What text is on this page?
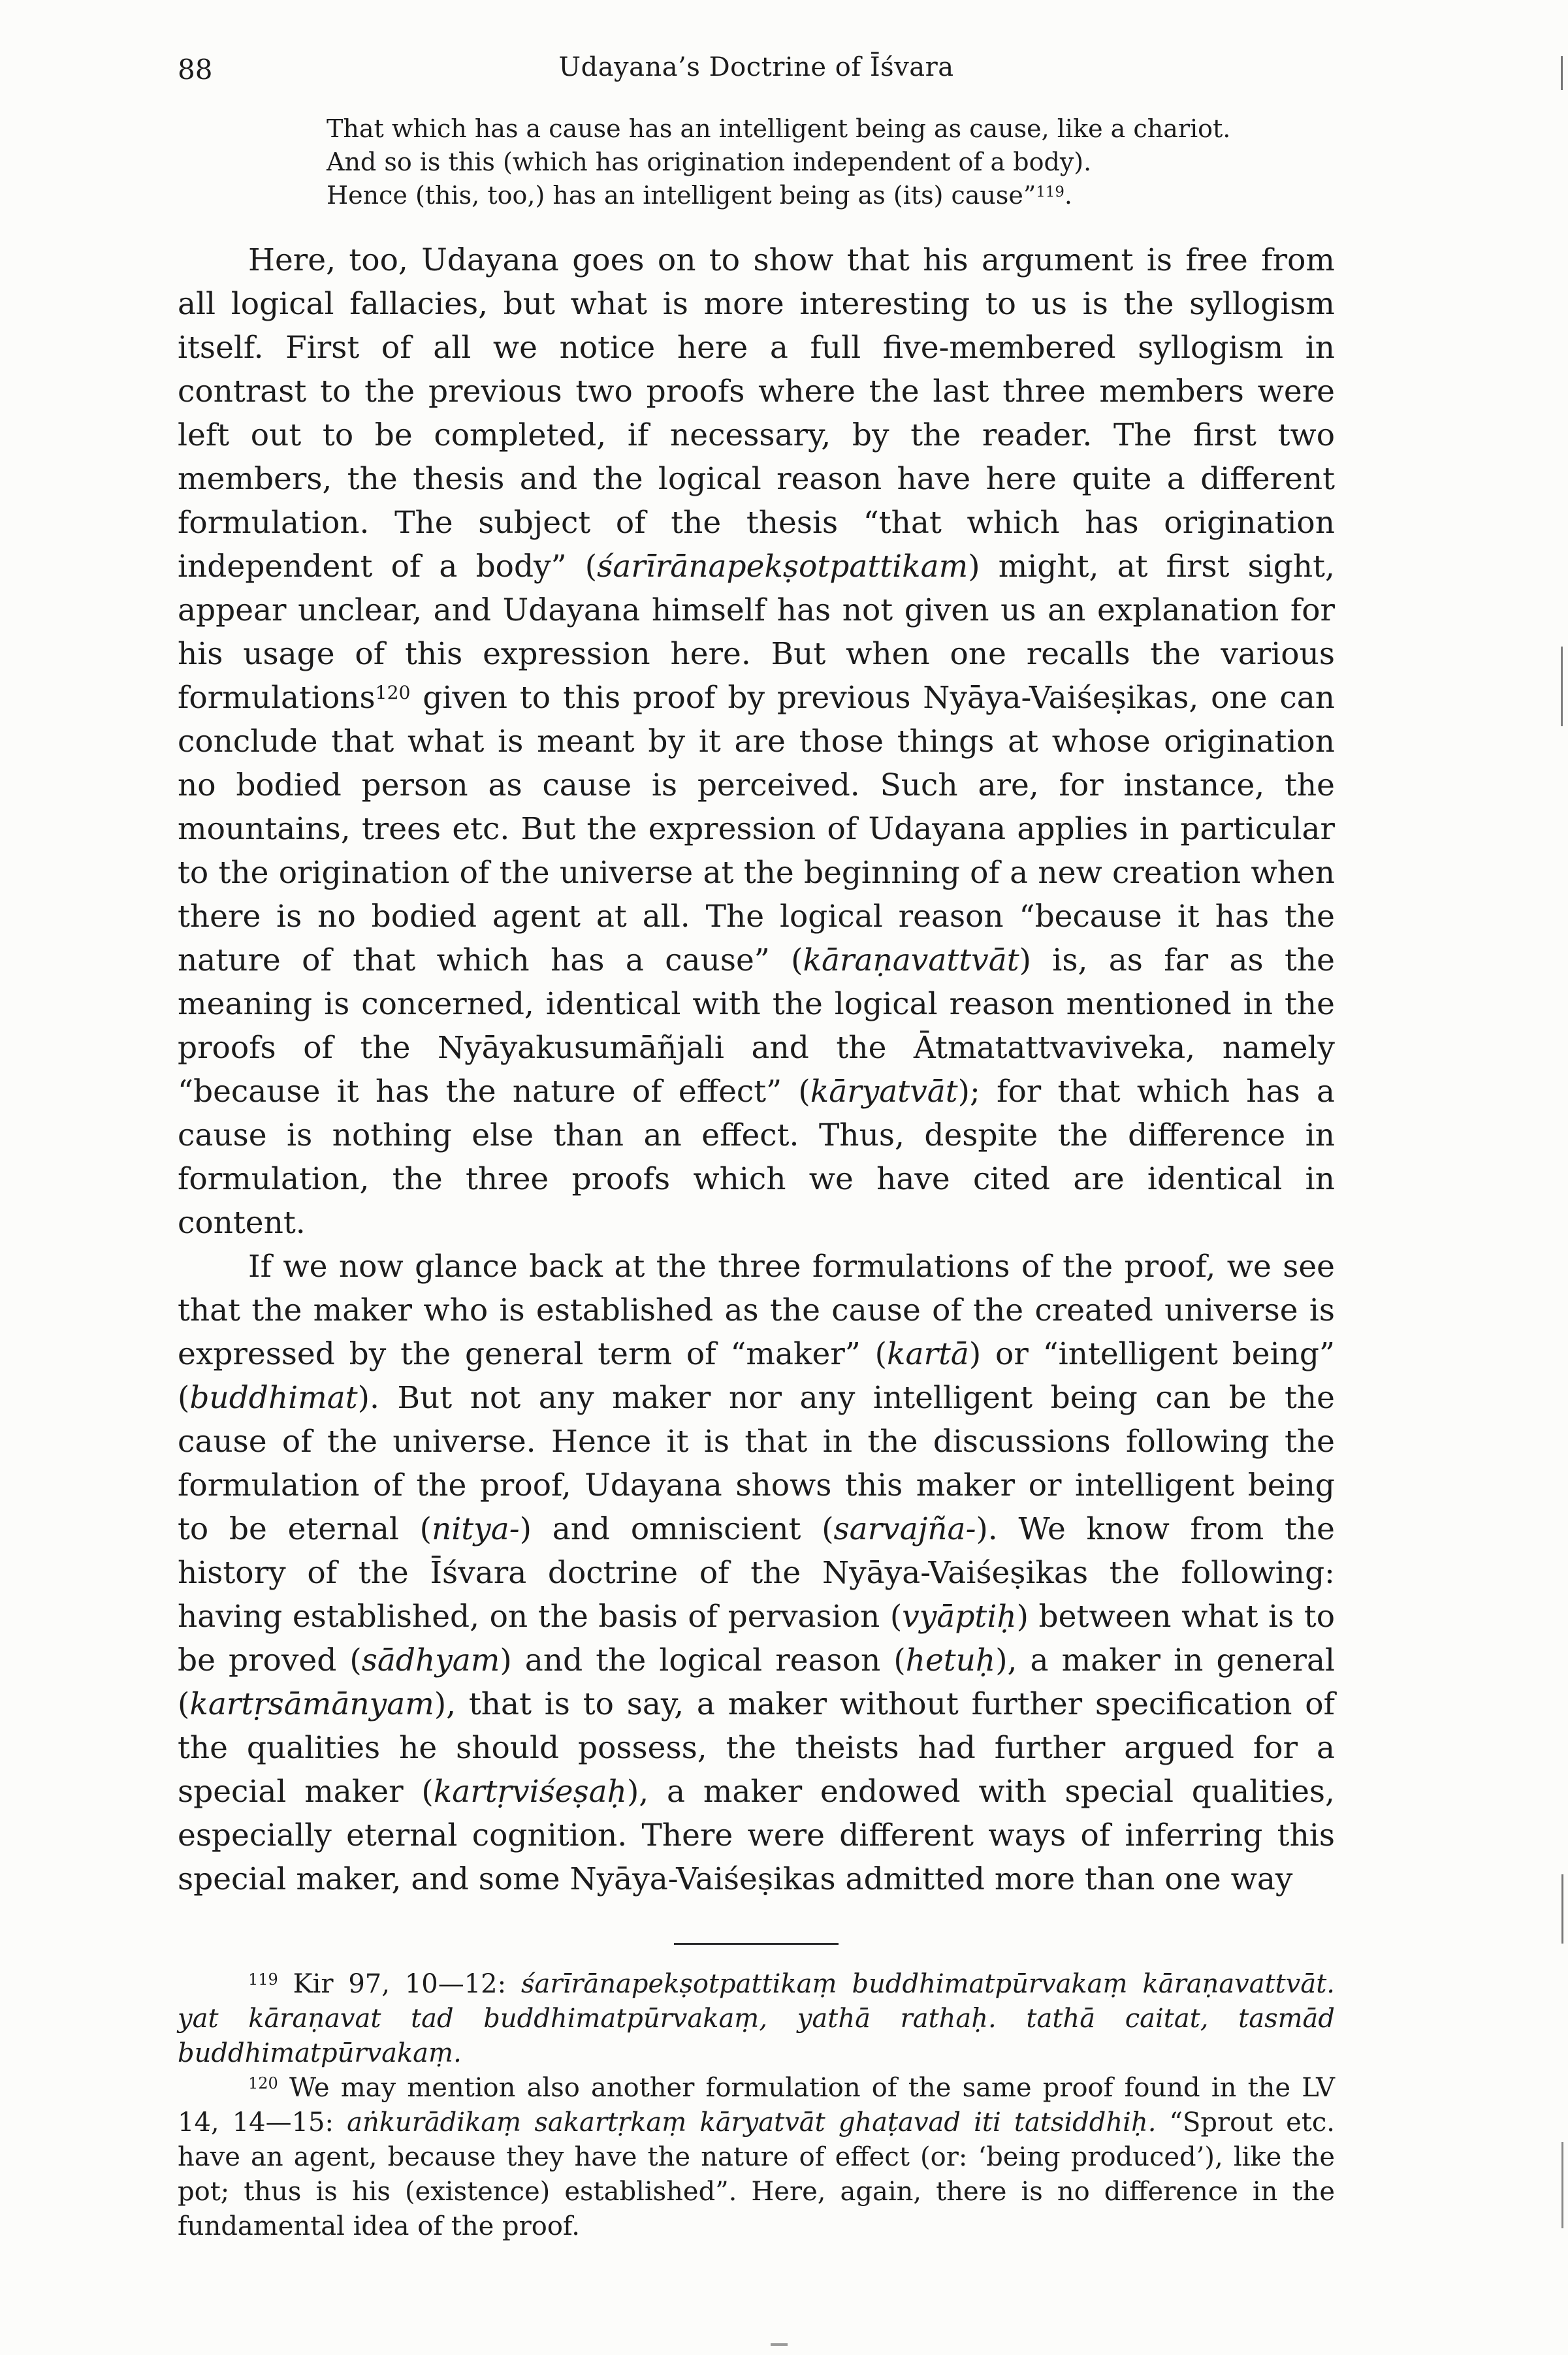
88	Udayana’s Doctrine of Īśvara
That which has a cause has an intelligent being as cause, like a chariot.
And so is this (which has origination independent of a body).
Hence (this, too,) has an intelligent being as (its) cause”$^{119}$.

Here, too, Udayana goes on to show that his argument is free from all logical fallacies, but what is more interesting to us is the syllogism itself. First of all we notice here a full five-membered syllogism in contrast to the previous two proofs where the last three members were left out to be completed, if necessary, by the reader. The first two members, the thesis and the logical reason have here quite a different formulation. The subject of the thesis “that which has origination independent of a body” (śarīrānapekṣotpattikam) might, at first sight, appear unclear, and Udayana himself has not given us an explanation for his usage of this expression here. But when one recalls the various formulations$^{120}$ given to this proof by previous Nyāya-Vaiśeṣikas, one can conclude that what is meant by it are those things at whose origination no bodied person as cause is perceived. Such are, for instance, the mountains, trees etc. But the expression of Udayana applies in particular to the origination of the universe at the beginning of a new creation when there is no bodied agent at all. The logical reason “because it has the nature of that which has a cause” (kāraṇavattvāt) is, as far as the meaning is concerned, identical with the logical reason mentioned in the proofs of the Nyāyakusumāñjali and the Ātmatattvaviveka, namely “because it has the nature of effect” (kāryatvāt); for that which has a cause is nothing else than an effect. Thus, despite the difference in formulation, the three proofs which we have cited are identical in content.

If we now glance back at the three formulations of the proof, we see that the maker who is established as the cause of the created universe is expressed by the general term of “maker” (kartā) or “intelligent being” (buddhimat). But not any maker nor any intelligent being can be the cause of the universe. Hence it is that in the discussions following the formulation of the proof, Udayana shows this maker or intelligent being to be eternal (nitya-) and omniscient (sarvajña-). We know from the history of the Īśvara doctrine of the Nyāya-Vaiśeṣikas the following: having established, on the basis of pervasion (vyāptiḥ) between what is to be proved (sādhyam) and the logical reason (hetuḥ), a maker in general (kartṛsāmānyam), that is to say, a maker without further specification of the qualities he should possess, the theists had further argued for a special maker (kartṛviśeṣaḥ), a maker endowed with special qualities, especially eternal cognition. There were different ways of inferring this special maker, and some Nyāya-Vaiśeṣikas admitted more than one way

$^{119}$ Kir 97, 10—12: śarīrānapekṣotpattikaṃ buddhimatpūrvakaṃ kāraṇavattvāt. yat kāraṇavat tad buddhimatpūrvakaṃ, yathā rathaḥ. tathā caitat, tasmād buddhimatpūrvakaṃ.

$^{120}$ We may mention also another formulation of the same proof found in the LV 14, 14—15: aṅkurādikaṃ sakartṛkaṃ kāryatvāt ghaṭavad iti tatsiddhiḥ. “Sprout etc. have an agent, because they have the nature of effect (or: ‘being produced’), like the pot; thus is his (existence) established”. Here, again, there is no difference in the fundamental idea of the proof.
